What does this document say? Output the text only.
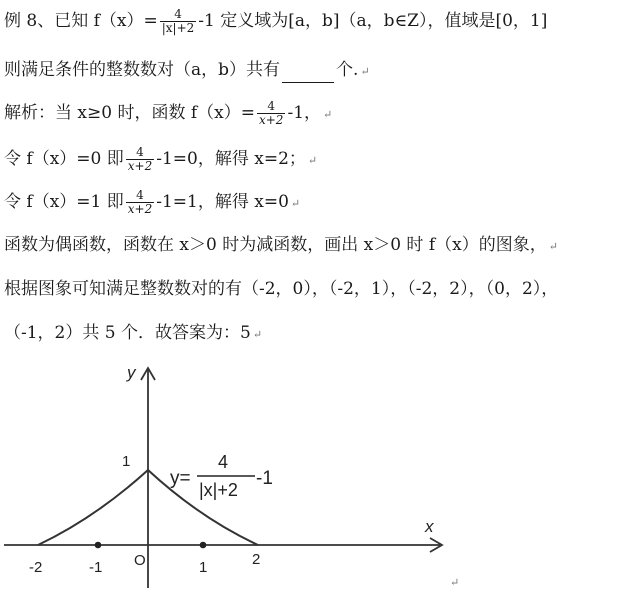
例 8、已知 $f(x)= \frac{4}{|x|+2} -1$ 定义域为[a，b]（a，b∈Z），值域是[0，1]
则满足条件的整数数对（a，b）共有	个. ↵
解析：当 x≥0 时，函数 $f(x)= \frac{4}{x+2} -1$， ↵
令 f（x）=0 即 $\frac{4}{x+2} -1=0$，解得 x=2； ↵
令 f（x）=1 即 $\frac{4}{x+2} -1=1$，解得 x=0 ↵
函数为偶函数，函数在 x＞0 时为减函数，画出 x＞0 时 f（x）的图象， ↵
根据图象可知满足整数数对的有（-2，0），（-2，1），（-2，2），（0，2），
（-1，2）共 5 个．故答案为：5 ↵
y
x
1
O
-2	-1	1	2
y=
4
|x|+2
-1
↵
